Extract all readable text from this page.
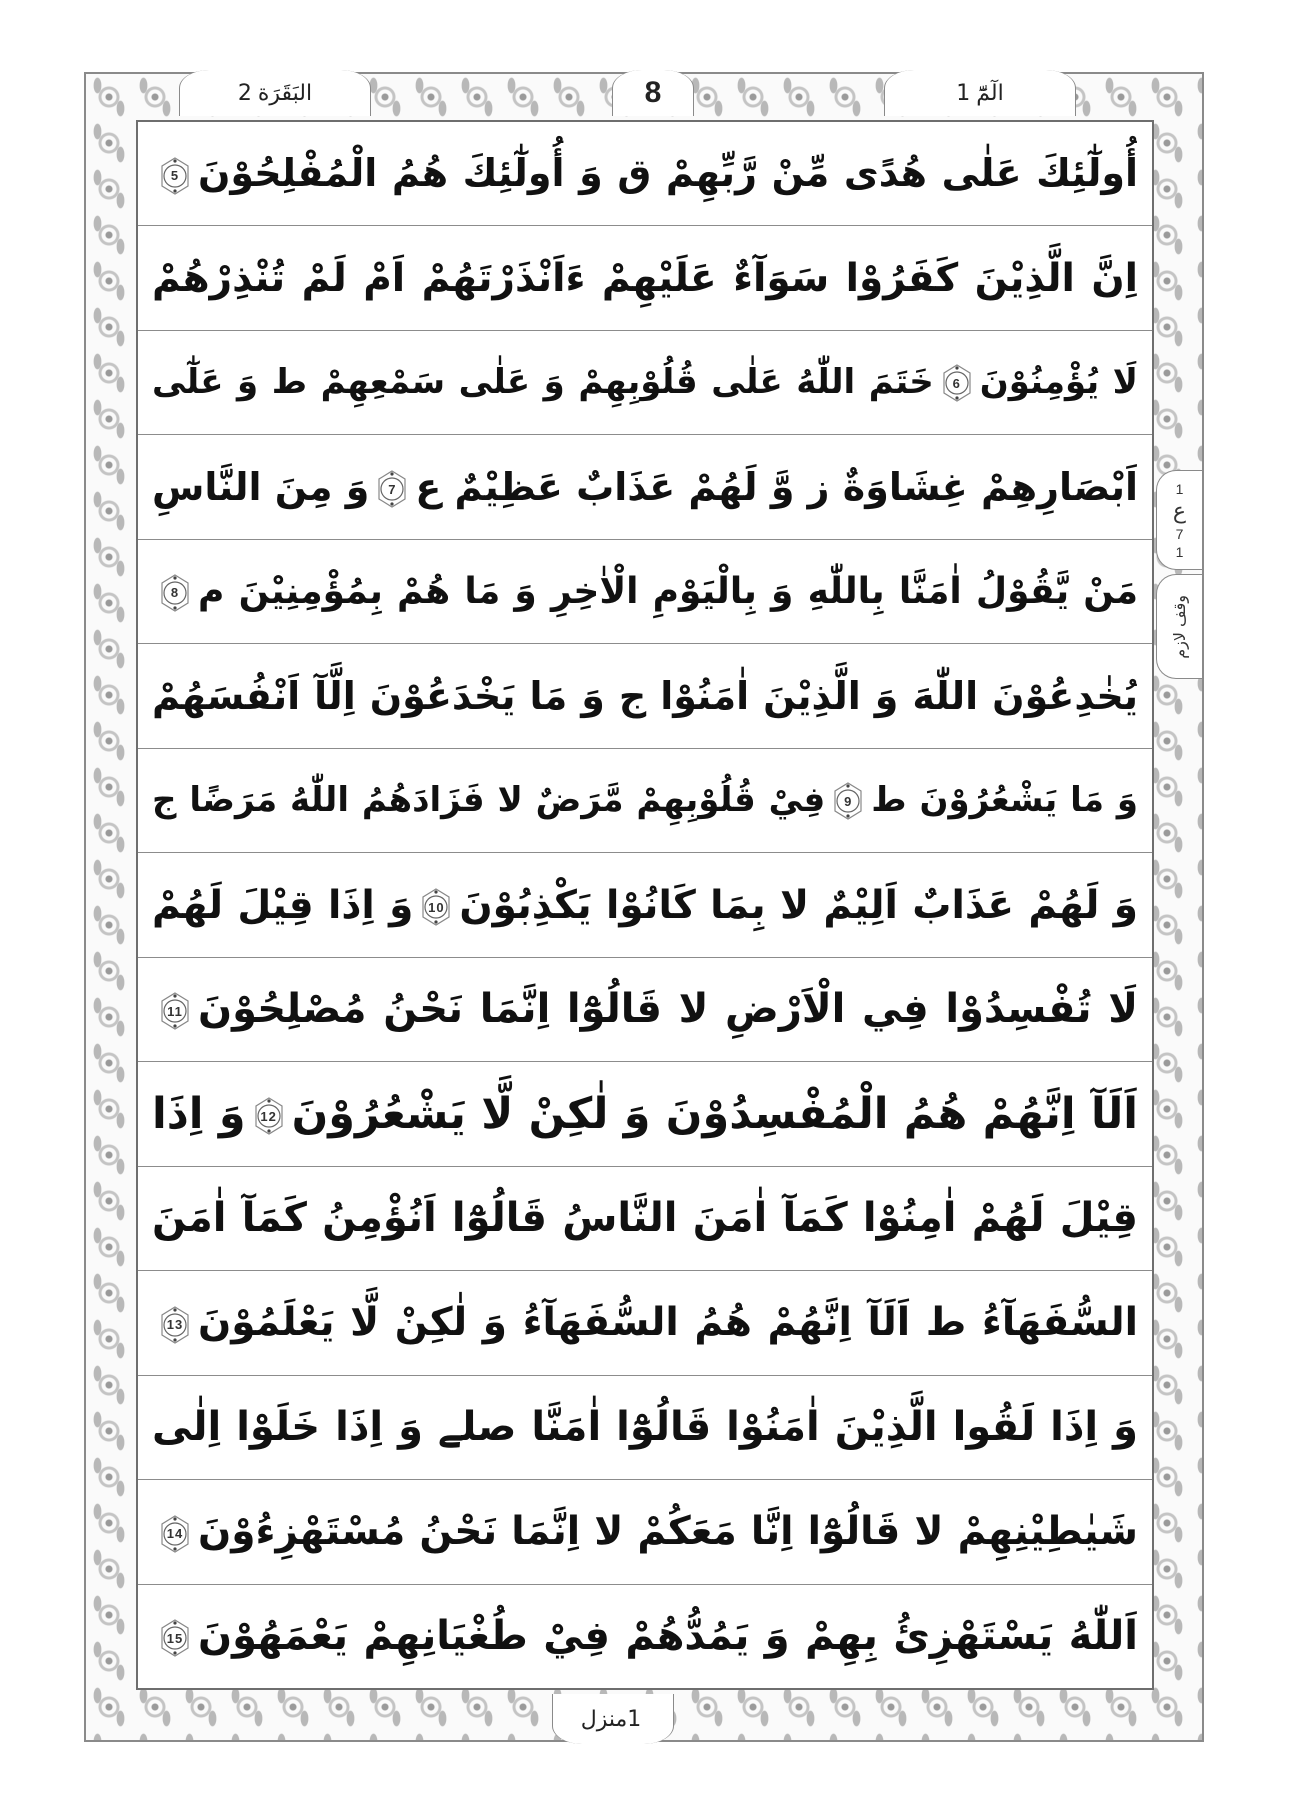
2 البَقَرَة	8	1 الٓمّٓ
أُولٰٓئِكَ عَلٰى هُدًى مِّنْ رَّبِّهِمْ ق وَ أُولٰٓئِكَ هُمُ الْمُفْلِحُوْنَ
5
اِنَّ الَّذِيْنَ كَفَرُوْا سَوَآءٌ عَلَيْهِمْ ءَاَنْذَرْتَهُمْ اَمْ لَمْ تُنْذِرْهُمْ
لَا يُؤْمِنُوْنَ
6
خَتَمَ اللّٰهُ عَلٰى قُلُوْبِهِمْ وَ عَلٰى سَمْعِهِمْ ط وَ عَلٰٓى
اَبْصَارِهِمْ غِشَاوَةٌ ز وَّ لَهُمْ عَذَابٌ عَظِيْمٌ ع
7
وَ مِنَ النَّاسِ
مَنْ يَّقُوْلُ اٰمَنَّا بِاللّٰهِ وَ بِالْيَوْمِ الْاٰخِرِ وَ مَا هُمْ بِمُؤْمِنِيْنَ م
8
يُخٰدِعُوْنَ اللّٰهَ وَ الَّذِيْنَ اٰمَنُوْا ج وَ مَا يَخْدَعُوْنَ اِلَّآ اَنْفُسَهُمْ
وَ مَا يَشْعُرُوْنَ ط
9
فِيْ قُلُوْبِهِمْ مَّرَضٌ لا فَزَادَهُمُ اللّٰهُ مَرَضًا ج
وَ لَهُمْ عَذَابٌ اَلِيْمٌ لا بِمَا كَانُوْا يَكْذِبُوْنَ
10
وَ اِذَا قِيْلَ لَهُمْ
لَا تُفْسِدُوْا فِي الْاَرْضِ لا قَالُوْٓا اِنَّمَا نَحْنُ مُصْلِحُوْنَ
11
اَلَآ اِنَّهُمْ هُمُ الْمُفْسِدُوْنَ وَ لٰكِنْ لَّا يَشْعُرُوْنَ
12
وَ اِذَا
قِيْلَ لَهُمْ اٰمِنُوْا كَمَآ اٰمَنَ النَّاسُ قَالُوْٓا اَنُؤْمِنُ كَمَآ اٰمَنَ
السُّفَهَآءُ ط اَلَآ اِنَّهُمْ هُمُ السُّفَهَآءُ وَ لٰكِنْ لَّا يَعْلَمُوْنَ
13
وَ اِذَا لَقُوا الَّذِيْنَ اٰمَنُوْا قَالُوْٓا اٰمَنَّا صلے وَ اِذَا خَلَوْا اِلٰى
شَيٰطِيْنِهِمْ لا قَالُوْٓا اِنَّا مَعَكُمْ لا اِنَّمَا نَحْنُ مُسْتَهْزِءُوْنَ
14
اَللّٰهُ يَسْتَهْزِئُ بِهِمْ وَ يَمُدُّهُمْ فِيْ طُغْيَانِهِمْ يَعْمَهُوْنَ
15
1
ع
7
1
وقف لازم
منزل 1
